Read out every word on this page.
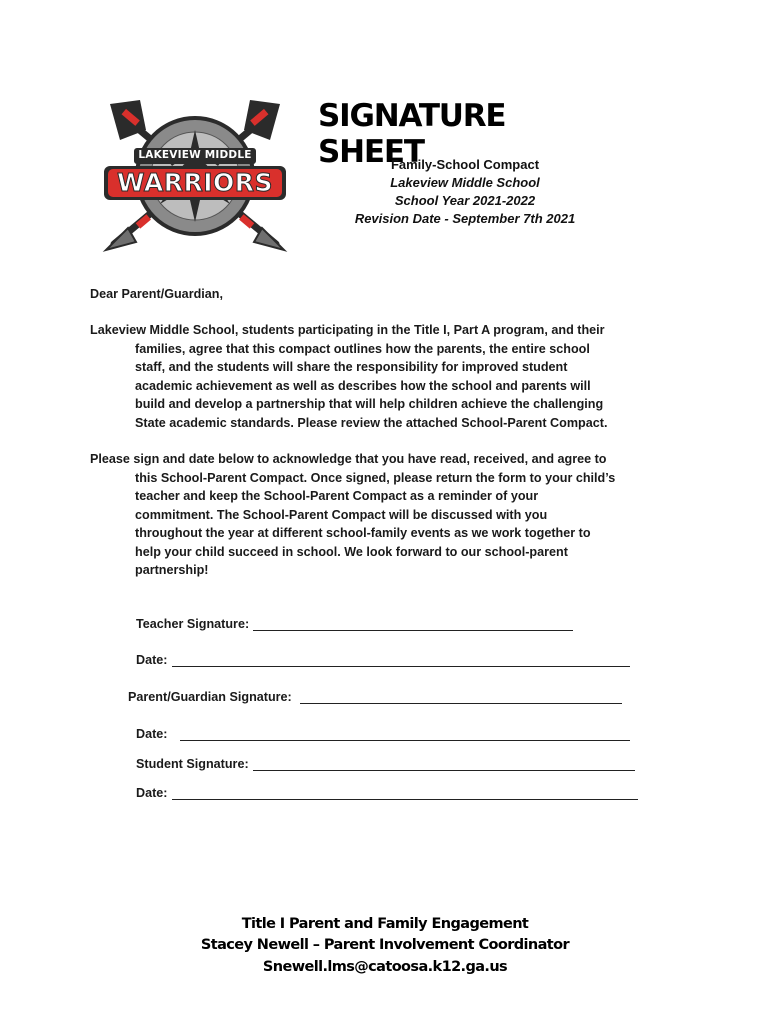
LAKEVIEW MIDDLE
WARRIORS
SIGNATURE SHEET
Family-School Compact
Lakeview Middle School
School Year 2021-2022
Revision Date - September 7th 2021
Dear Parent/Guardian,
Lakeview Middle School, students participating in the Title I, Part A program, and their
families, agree that this compact outlines how the parents, the entire school
staff, and the students will share the responsibility for improved student
academic achievement as well as describes how the school and parents will
build and develop a partnership that will help children achieve the challenging
State academic standards. Please review the attached School-Parent Compact.
Please sign and date below to acknowledge that you have read, received, and agree to
this School-Parent Compact. Once signed, please return the form to your child’s
teacher and keep the School-Parent Compact as a reminder of your
commitment. The School-Parent Compact will be discussed with you
throughout the year at different school-family events as we work together to
help your child succeed in school. We look forward to our school-parent
partnership!
Teacher Signature:
Date:
Parent/Guardian Signature:
Date:
Student Signature:
Date:
Title I Parent and Family Engagement
Stacey Newell – Parent Involvement Coordinator
Snewell.lms@catoosa.k12.ga.us
